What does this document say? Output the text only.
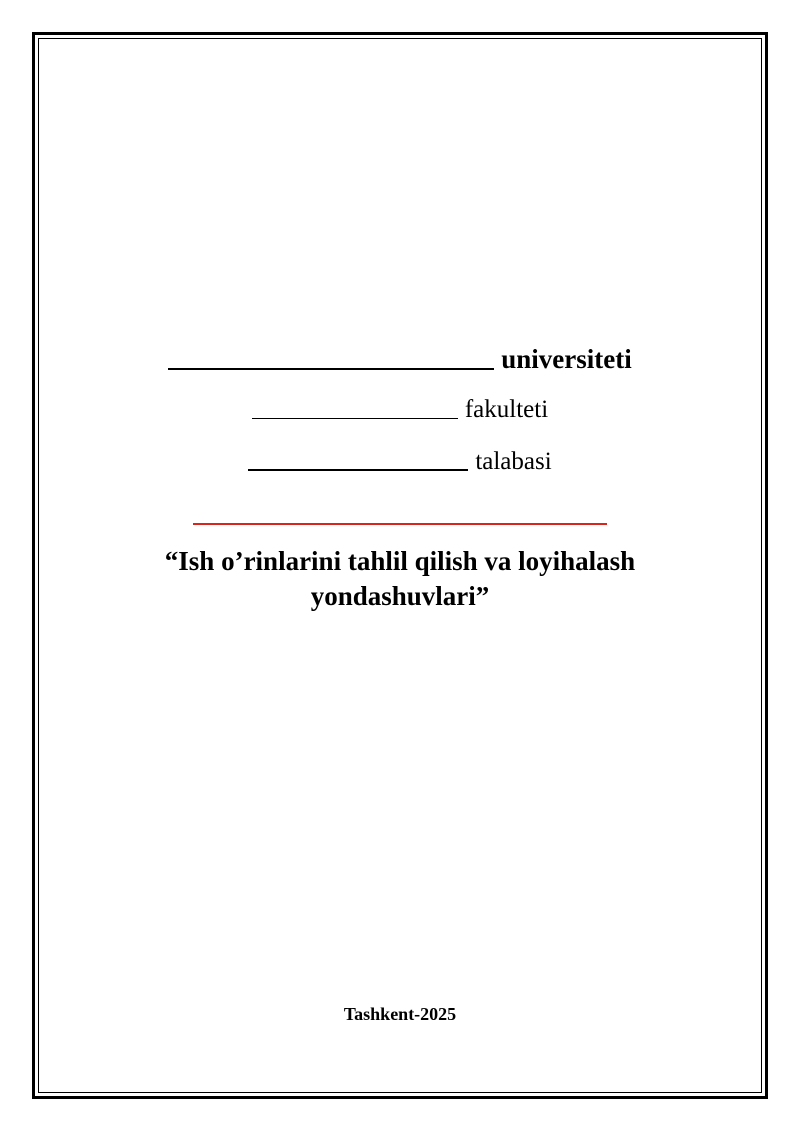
universiteti
fakulteti
talabasi
“Ish o’rinlarini tahlil qilish va loyihalash yondashuvlari”
Tashkent-2025
